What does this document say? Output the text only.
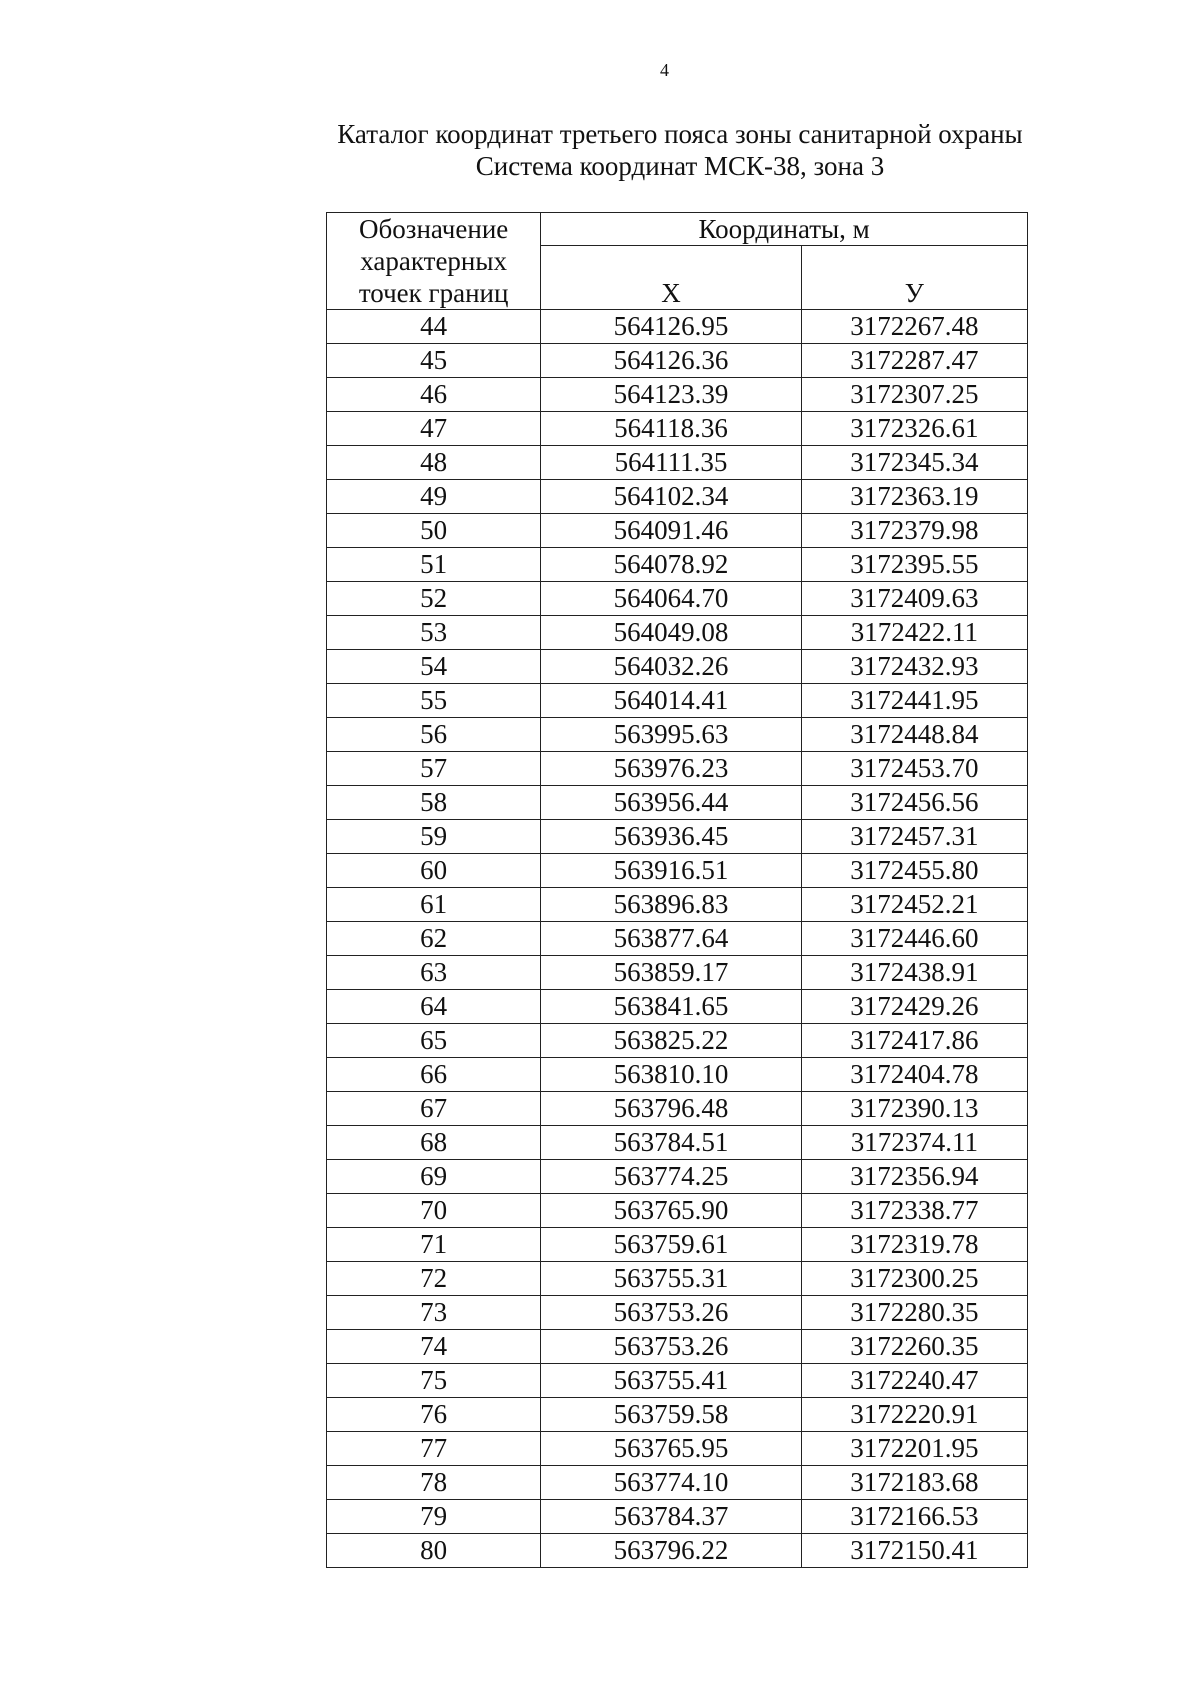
4
Каталог координат третьего пояса зоны санитарной охраны
Система координат МСК-38, зона 3
Обозначение характерных точек границ	Координаты, м	
	X	У
44	564126.95	3172267.48
45	564126.36	3172287.47
46	564123.39	3172307.25
47	564118.36	3172326.61
48	564111.35	3172345.34
49	564102.34	3172363.19
50	564091.46	3172379.98
51	564078.92	3172395.55
52	564064.70	3172409.63
53	564049.08	3172422.11
54	564032.26	3172432.93
55	564014.41	3172441.95
56	563995.63	3172448.84
57	563976.23	3172453.70
58	563956.44	3172456.56
59	563936.45	3172457.31
60	563916.51	3172455.80
61	563896.83	3172452.21
62	563877.64	3172446.60
63	563859.17	3172438.91
64	563841.65	3172429.26
65	563825.22	3172417.86
66	563810.10	3172404.78
67	563796.48	3172390.13
68	563784.51	3172374.11
69	563774.25	3172356.94
70	563765.90	3172338.77
71	563759.61	3172319.78
72	563755.31	3172300.25
73	563753.26	3172280.35
74	563753.26	3172260.35
75	563755.41	3172240.47
76	563759.58	3172220.91
77	563765.95	3172201.95
78	563774.10	3172183.68
79	563784.37	3172166.53
80	563796.22	3172150.41
